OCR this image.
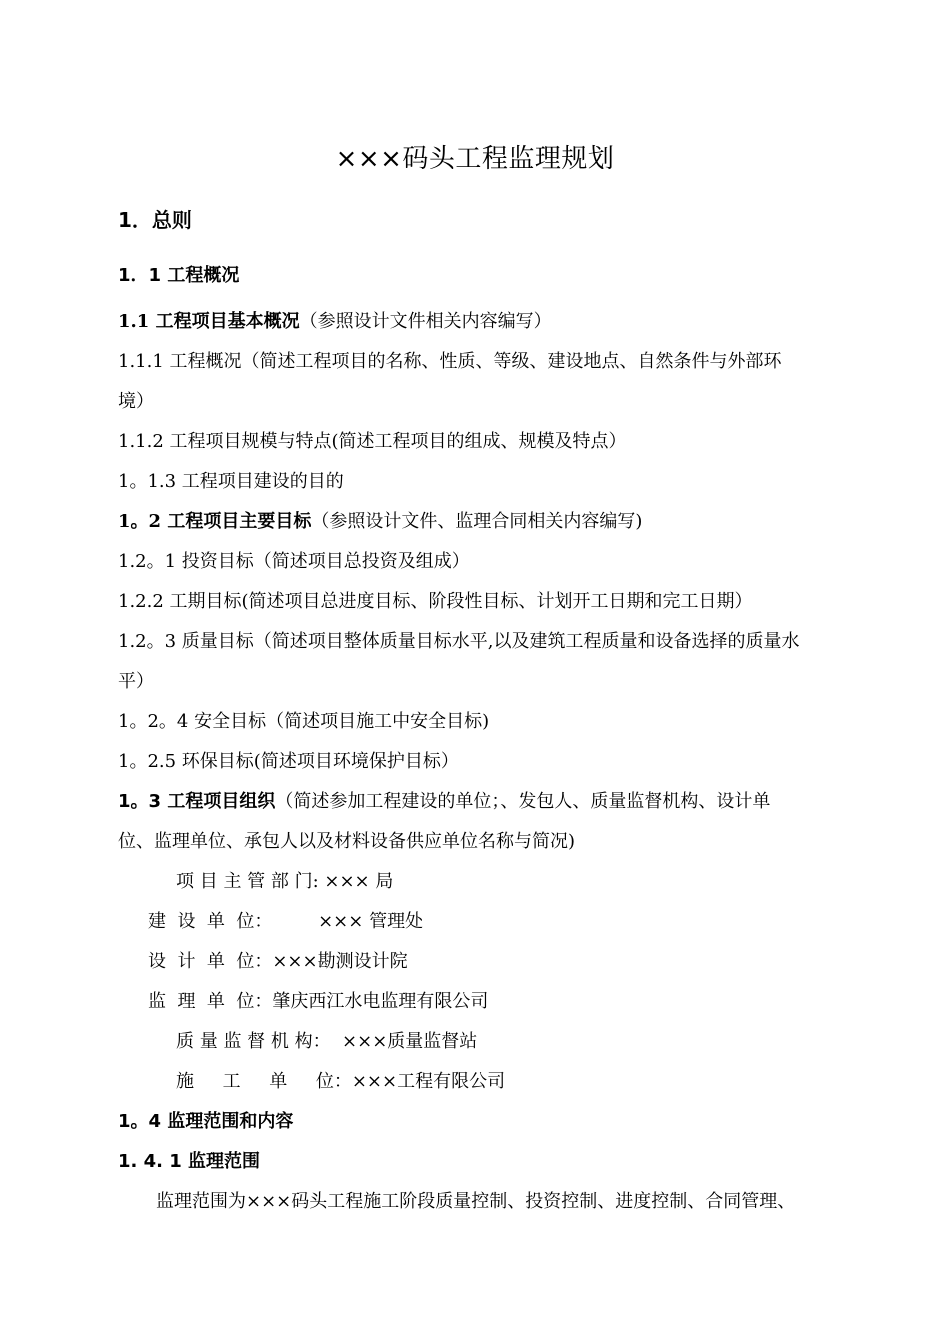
×××码头工程监理规划
1．总则
1．1 工程概况
1.1 工程项目基本概况（参照设计文件相关内容编写）
1.1.1 工程概况（简述工程项目的名称、性质、等级、建设地点、自然条件与外部环
境）
1.1.2 工程项目规模与特点(简述工程项目的组成、规模及特点）
1。1.3 工程项目建设的目的
1。2 工程项目主要目标（参照设计文件、监理合同相关内容编写)
1.2。1 投资目标（简述项目总投资及组成）
1.2.2 工期目标(简述项目总进度目标、阶段性目标、计划开工日期和完工日期）
1.2。3 质量目标（简述项目整体质量目标水平,以及建筑工程质量和设备选择的质量水
平）
1。2。4 安全目标（简述项目施工中安全目标)
1。2.5 环保目标(简述项目环境保护目标）
1。3 工程项目组织（简述参加工程建设的单位；、发包人、质量监督机构、设计单
位、监理单位、承包人以及材料设备供应单位名称与简况)
项 目 主 管 部 门: ××× 局
建  设  单  位：        ××× 管理处
设  计  单  位：×××勘测设计院
监  理  单  位：肇庆西江水电监理有限公司
质 量 监 督 机 构：  ×××质量监督站
施     工     单     位：×××工程有限公司
1。4 监理范围和内容
1. 4. 1 监理范围
监理范围为×××码头工程施工阶段质量控制、投资控制、进度控制、合同管理、
